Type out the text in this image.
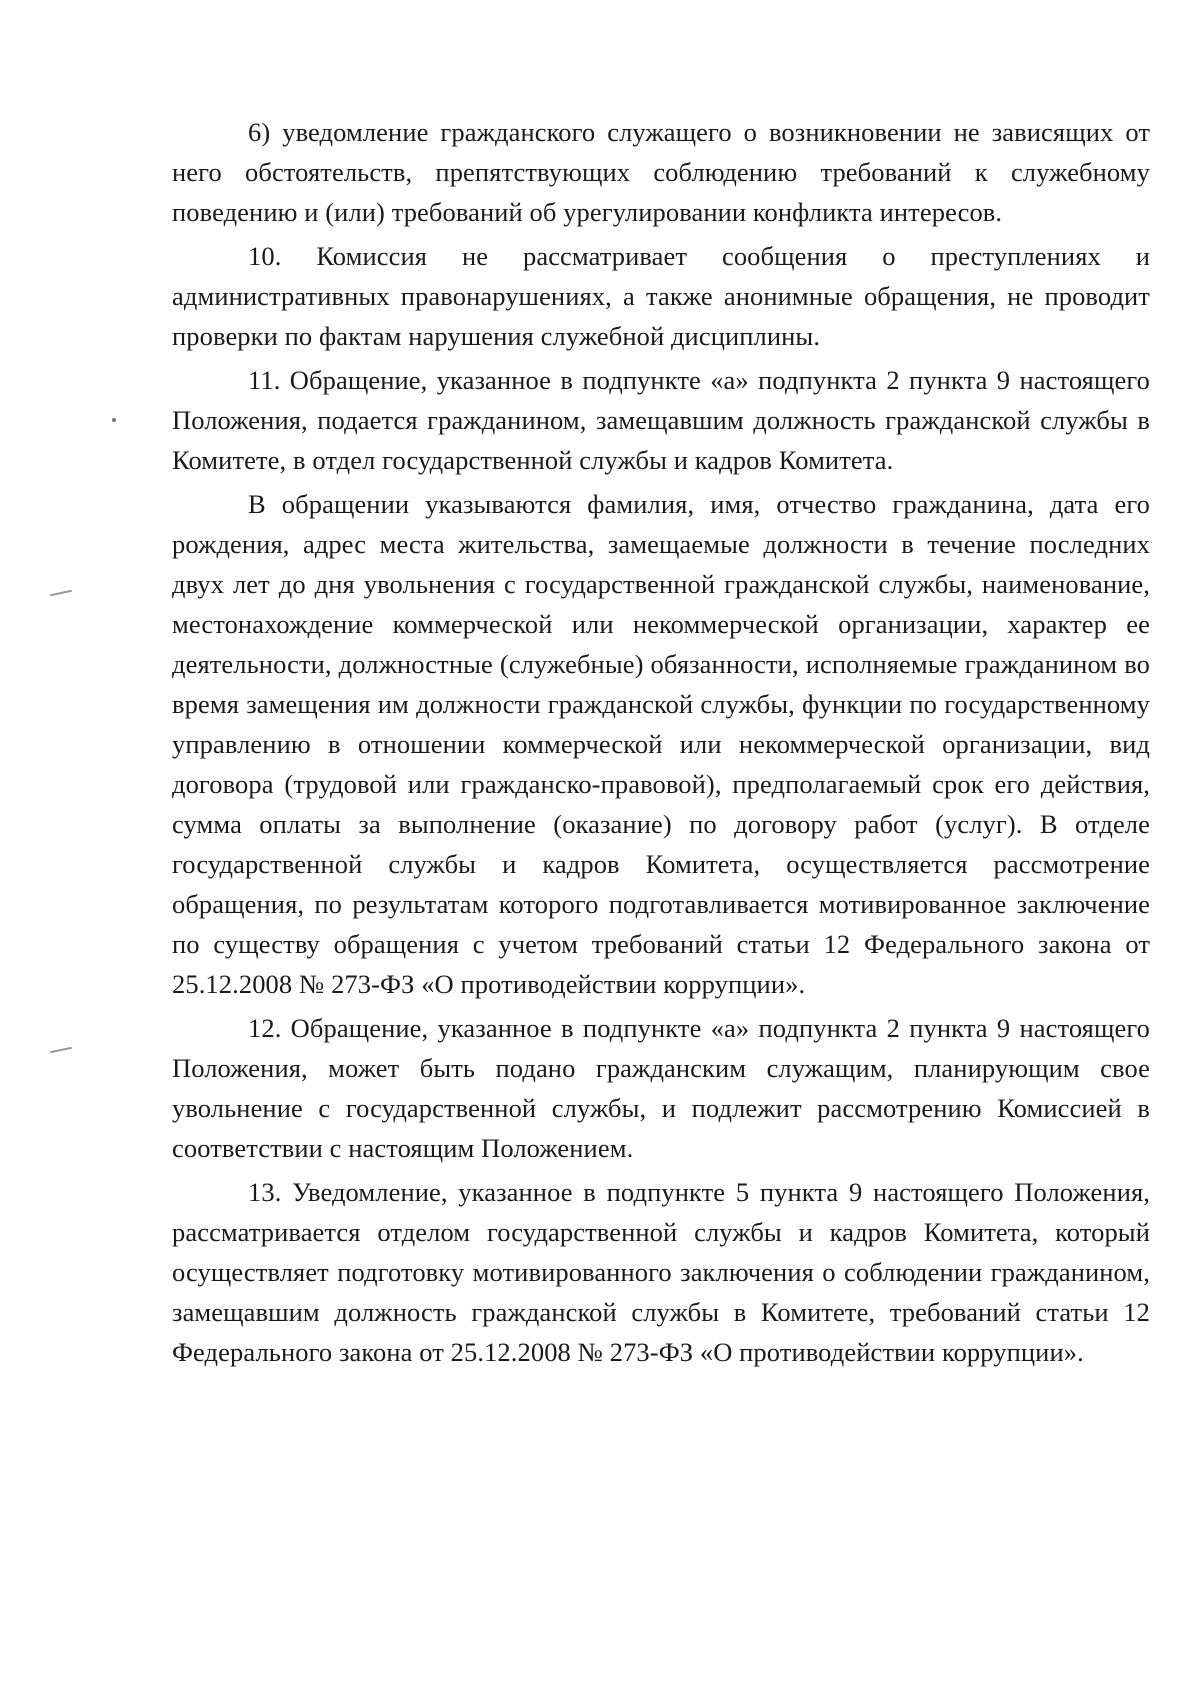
6) уведомление гражданского служащего о возникновении не зависящих от него обстоятельств, препятствующих соблюдению требований к служебному поведению и (или) требований об урегулировании конфликта интересов.

10. Комиссия не рассматривает сообщения о преступлениях и административных правонарушениях, а также анонимные обращения, не проводит проверки по фактам нарушения служебной дисциплины.

11. Обращение, указанное в подпункте «а» подпункта 2 пункта 9 настоящего Положения, подается гражданином, замещавшим должность гражданской службы в Комитете, в отдел государственной службы и кадров Комитета.

В обращении указываются фамилия, имя, отчество гражданина, дата его рождения, адрес места жительства, замещаемые должности в течение последних двух лет до дня увольнения с государственной гражданской службы, наименование, местонахождение коммерческой или некоммерческой организации, характер ее деятельности, должностные (служебные) обязанности, исполняемые гражданином во время замещения им должности гражданской службы, функции по государственному управлению в отношении коммерческой или некоммерческой организации, вид договора (трудовой или гражданско-правовой), предполагаемый срок его действия, сумма оплаты за выполнение (оказание) по договору работ (услуг). В отделе государственной службы и кадров Комитета, осуществляется рассмотрение обращения, по результатам которого подготавливается мотивированное заключение по существу обращения с учетом требований статьи 12 Федерального закона от 25.12.2008 № 273-ФЗ «О противодействии коррупции».

12. Обращение, указанное в подпункте «а» подпункта 2 пункта 9 настоящего Положения, может быть подано гражданским служащим, планирующим свое увольнение с государственной службы, и подлежит рассмотрению Комиссией в соответствии с настоящим Положением.

13. Уведомление, указанное в подпункте 5 пункта 9 настоящего Положения, рассматривается отделом государственной службы и кадров Комитета, который осуществляет подготовку мотивированного заключения о соблюдении гражданином, замещавшим должность гражданской службы в Комитете, требований статьи 12 Федерального закона от 25.12.2008 № 273-ФЗ «О противодействии коррупции».
